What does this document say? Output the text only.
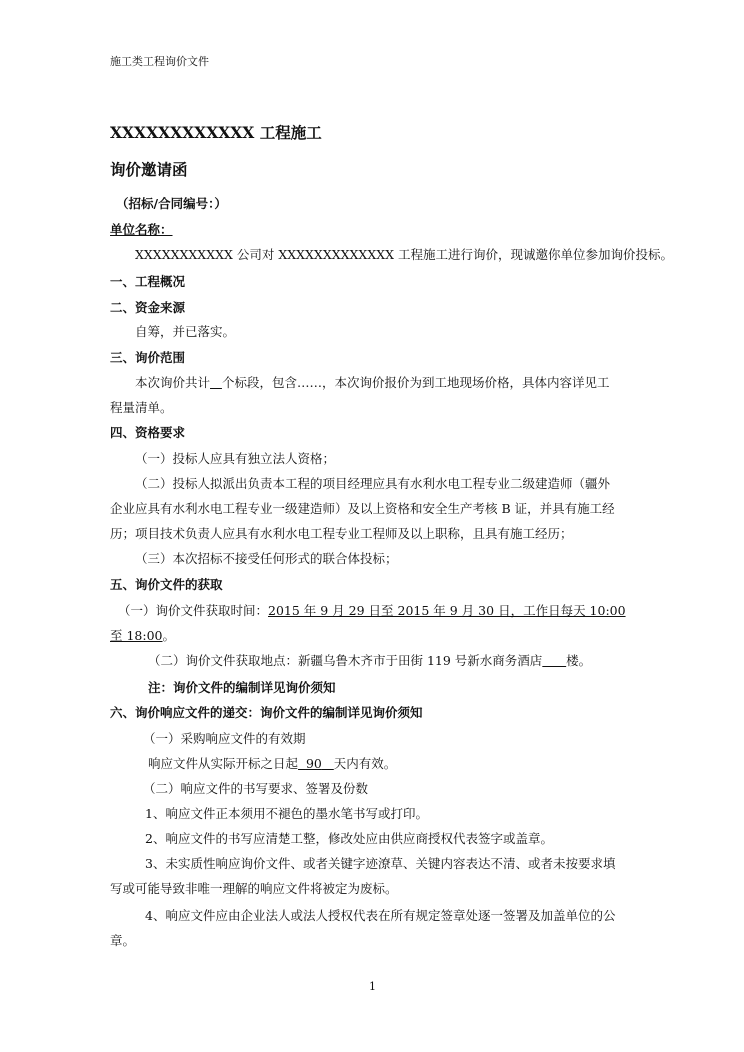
施工类工程询价文件
XXXXXXXXXXXX 工程施工
询价邀请函
（招标/合同编号：）
单位名称：
XXXXXXXXXXX 公司对 XXXXXXXXXXXXX 工程施工进行询价，现诚邀你单位参加询价投标。
一、工程概况
二、资金来源
自筹，并已落实。
三、询价范围
本次询价共计 个标段，包含……，本次询价报价为到工地现场价格，具体内容详见工
程量清单。
四、资格要求
（一）投标人应具有独立法人资格；
（二）投标人拟派出负责本工程的项目经理应具有水利水电工程专业二级建造师（疆外
企业应具有水利水电工程专业一级建造师）及以上资格和安全生产考核 B 证，并具有施工经
历；项目技术负责人应具有水利水电工程专业工程师及以上职称，且具有施工经历；
（三）本次招标不接受任何形式的联合体投标；
五、询价文件的获取
（一）询价文件获取时间：2015 年 9 月 29 日至 2015 年 9 月 30 日，工作日每天 10:00
至 18:00。
（二）询价文件获取地点：新疆乌鲁木齐市于田街 119 号新水商务酒店 楼。
注：询价文件的编制详见询价须知
六、询价响应文件的递交：询价文件的编制详见询价须知
（一）采购响应文件的有效期
响应文件从实际开标之日起 90 天内有效。
（二）响应文件的书写要求、签署及份数
1、响应文件正本须用不褪色的墨水笔书写或打印。
2、响应文件的书写应清楚工整，修改处应由供应商授权代表签字或盖章。
3、未实质性响应询价文件、或者关键字迹潦草、关键内容表达不清、或者未按要求填
写或可能导致非唯一理解的响应文件将被定为废标。
4、响应文件应由企业法人或法人授权代表在所有规定签章处逐一签署及加盖单位的公
章。
1
